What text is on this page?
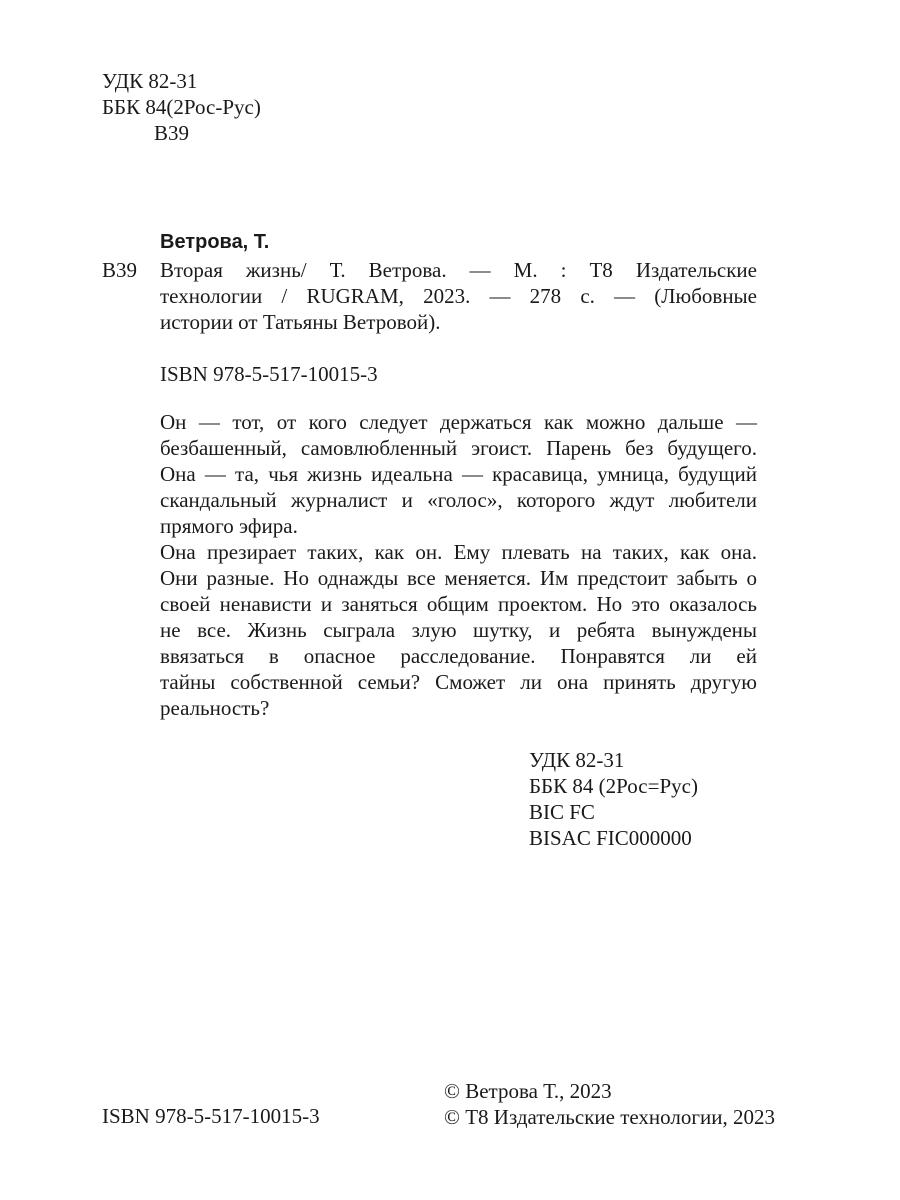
УДК 82-31
ББК 84(2Рос-Рус)
В39
Ветрова, Т.
В39 Вторая жизнь/ Т. Ветрова. — М. : Т8 Издательские
технологии / RUGRAM, 2023. — 278 с. — (Любовные
истории от Татьяны Ветровой).
ISBN 978-5-517-10015-3
Он — тот, от кого следует держаться как можно дальше —
безбашенный, самовлюбленный эгоист. Парень без будущего.
Она — та, чья жизнь идеальна — красавица, умница, будущий
скандальный журналист и «голос», которого ждут любители
прямого эфира.
Она презирает таких, как он. Ему плевать на таких, как она.
Они разные. Но однажды все меняется. Им предстоит забыть о
своей ненависти и заняться общим проектом. Но это оказалось
не все. Жизнь сыграла злую шутку, и ребята вынуждены
ввязаться в опасное расследование. Понравятся ли ей
тайны собственной семьи? Сможет ли она принять другую
реальность?
УДК 82-31
ББК 84 (2Рос=Рус)
BIC FC
BISAC FIC000000
ISBN 978-5-517-10015-3
© Ветрова Т., 2023
© Т8 Издательские технологии, 2023
